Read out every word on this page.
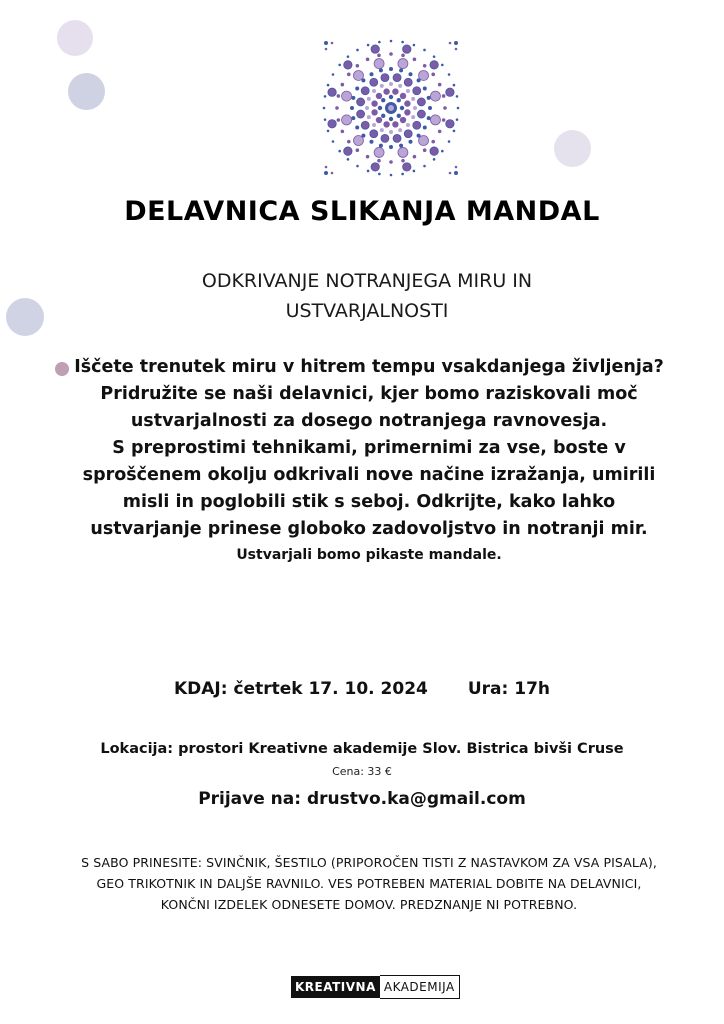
DELAVNICA SLIKANJA MANDAL
ODKRIVANJE NOTRANJEGA MIRU IN USTVARJALNOSTI

Iščete trenutek miru v hitrem tempu vsakdanjega življenja? Pridružite se naši delavnici, kjer bomo raziskovali moč ustvarjalnosti za dosego notranjega ravnovesja.

S preprostimi tehnikami, primernimi za vse, boste v sproščenem okolju odkrivali nove načine izražanja, umirili misli in poglobili stik s seboj. Odkrijte, kako lahko ustvarjanje prinese globoko zadovoljstvo in notranji mir.

Ustvarjali bomo pikaste mandale.

KDAJ: četrtek 17. 10. 2024 Ura: 17h
Lokacija: prostori Kreativne akademije Slov. Bistrica bivši Cruse
Cena: 33 €
Prijave na: drustvo.ka@gmail.com
S SABO PRINESITE: SVINČNIK, ŠESTILO (PRIPOROČEN TISTI Z NASTAVKOM ZA VSA PISALA), GEO TRIKOTNIK IN DALJŠE RAVNILO. VES POTREBEN MATERIAL DOBITE NA DELAVNICI, KONČNI IZDELEK ODNESETE DOMOV. PREDZNANJE NI POTREBNO.
KREATIVNA AKADEMIJA
